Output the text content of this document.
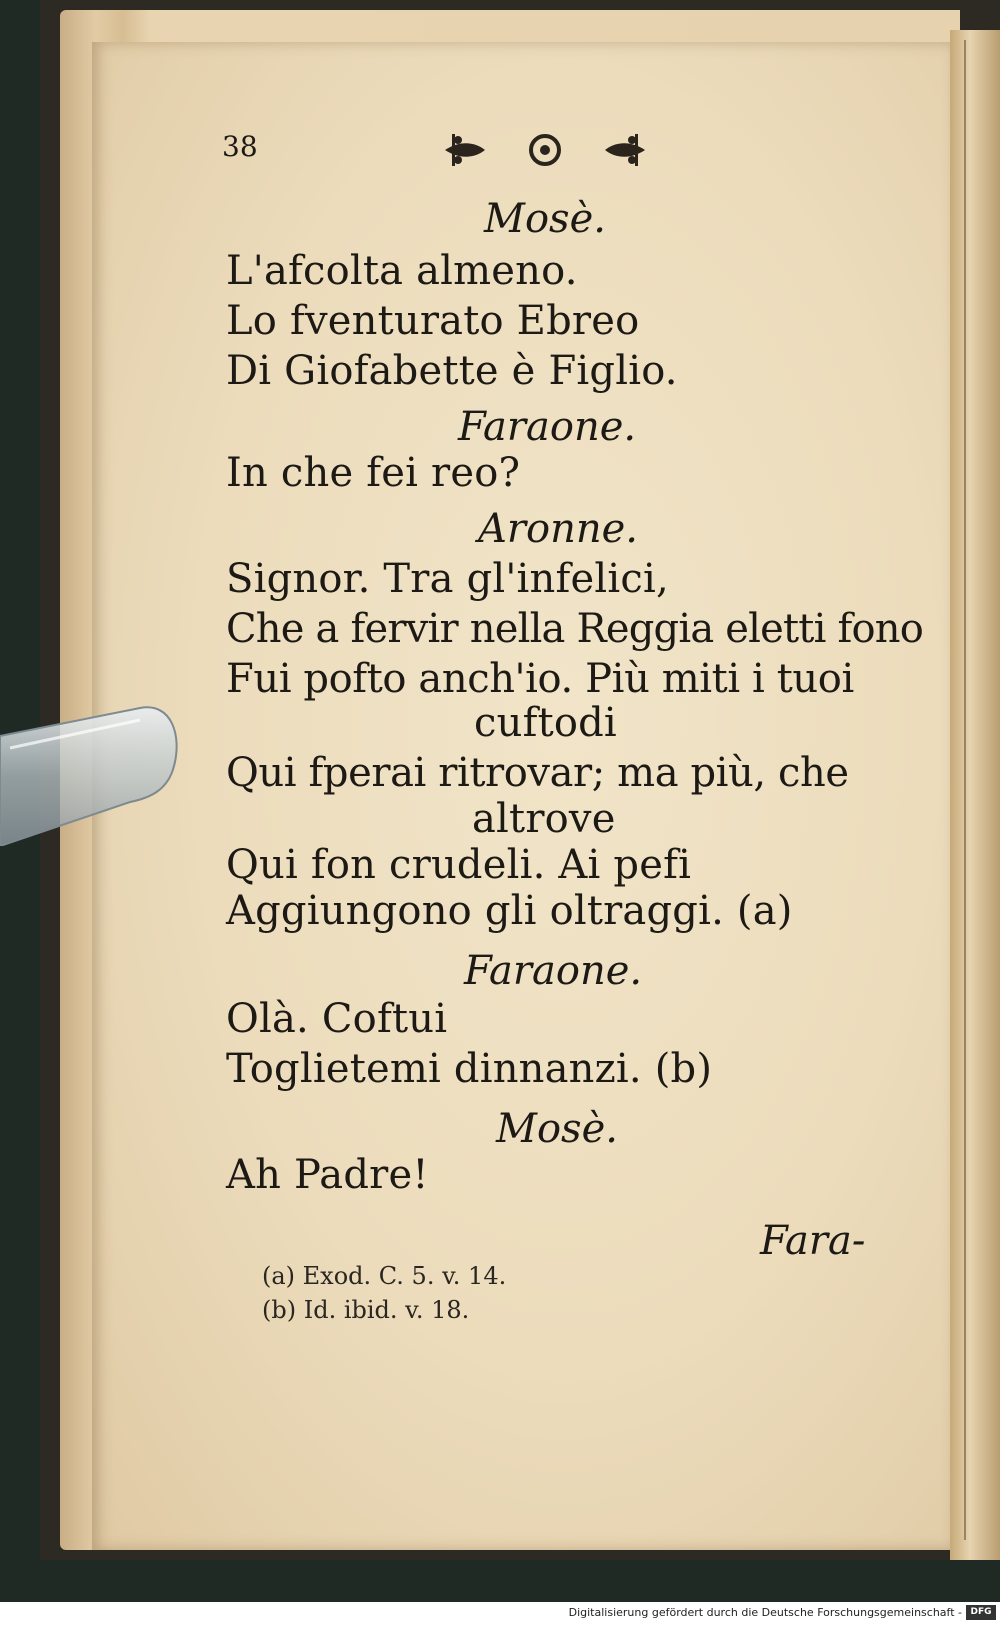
38
Mosè.
L'afcolta almeno.
Lo fventurato Ebreo
Di Giofabette è Figlio.
Faraone.
In che fei reo?
Aronne.
Signor. Tra gl'infelici,
Che a fervir nella Reggia eletti fono
Fui pofto anch'io. Più miti i tuoi
cuftodi
Qui fperai ritrovar; ma più, che
altrove
Qui fon crudeli. Ai pefi
Aggiungono gli oltraggi. (a)
Faraone.
Olà. Coftui
Toglietemi dinnanzi. (b)
Mosè.
Ah Padre!
Fara-
(a) Exod. C. 5. v. 14.
(b) Id. ibid. v. 18.
Digitalisierung gefördert durch die Deutsche Forschungsgemeinschaft - DFG
